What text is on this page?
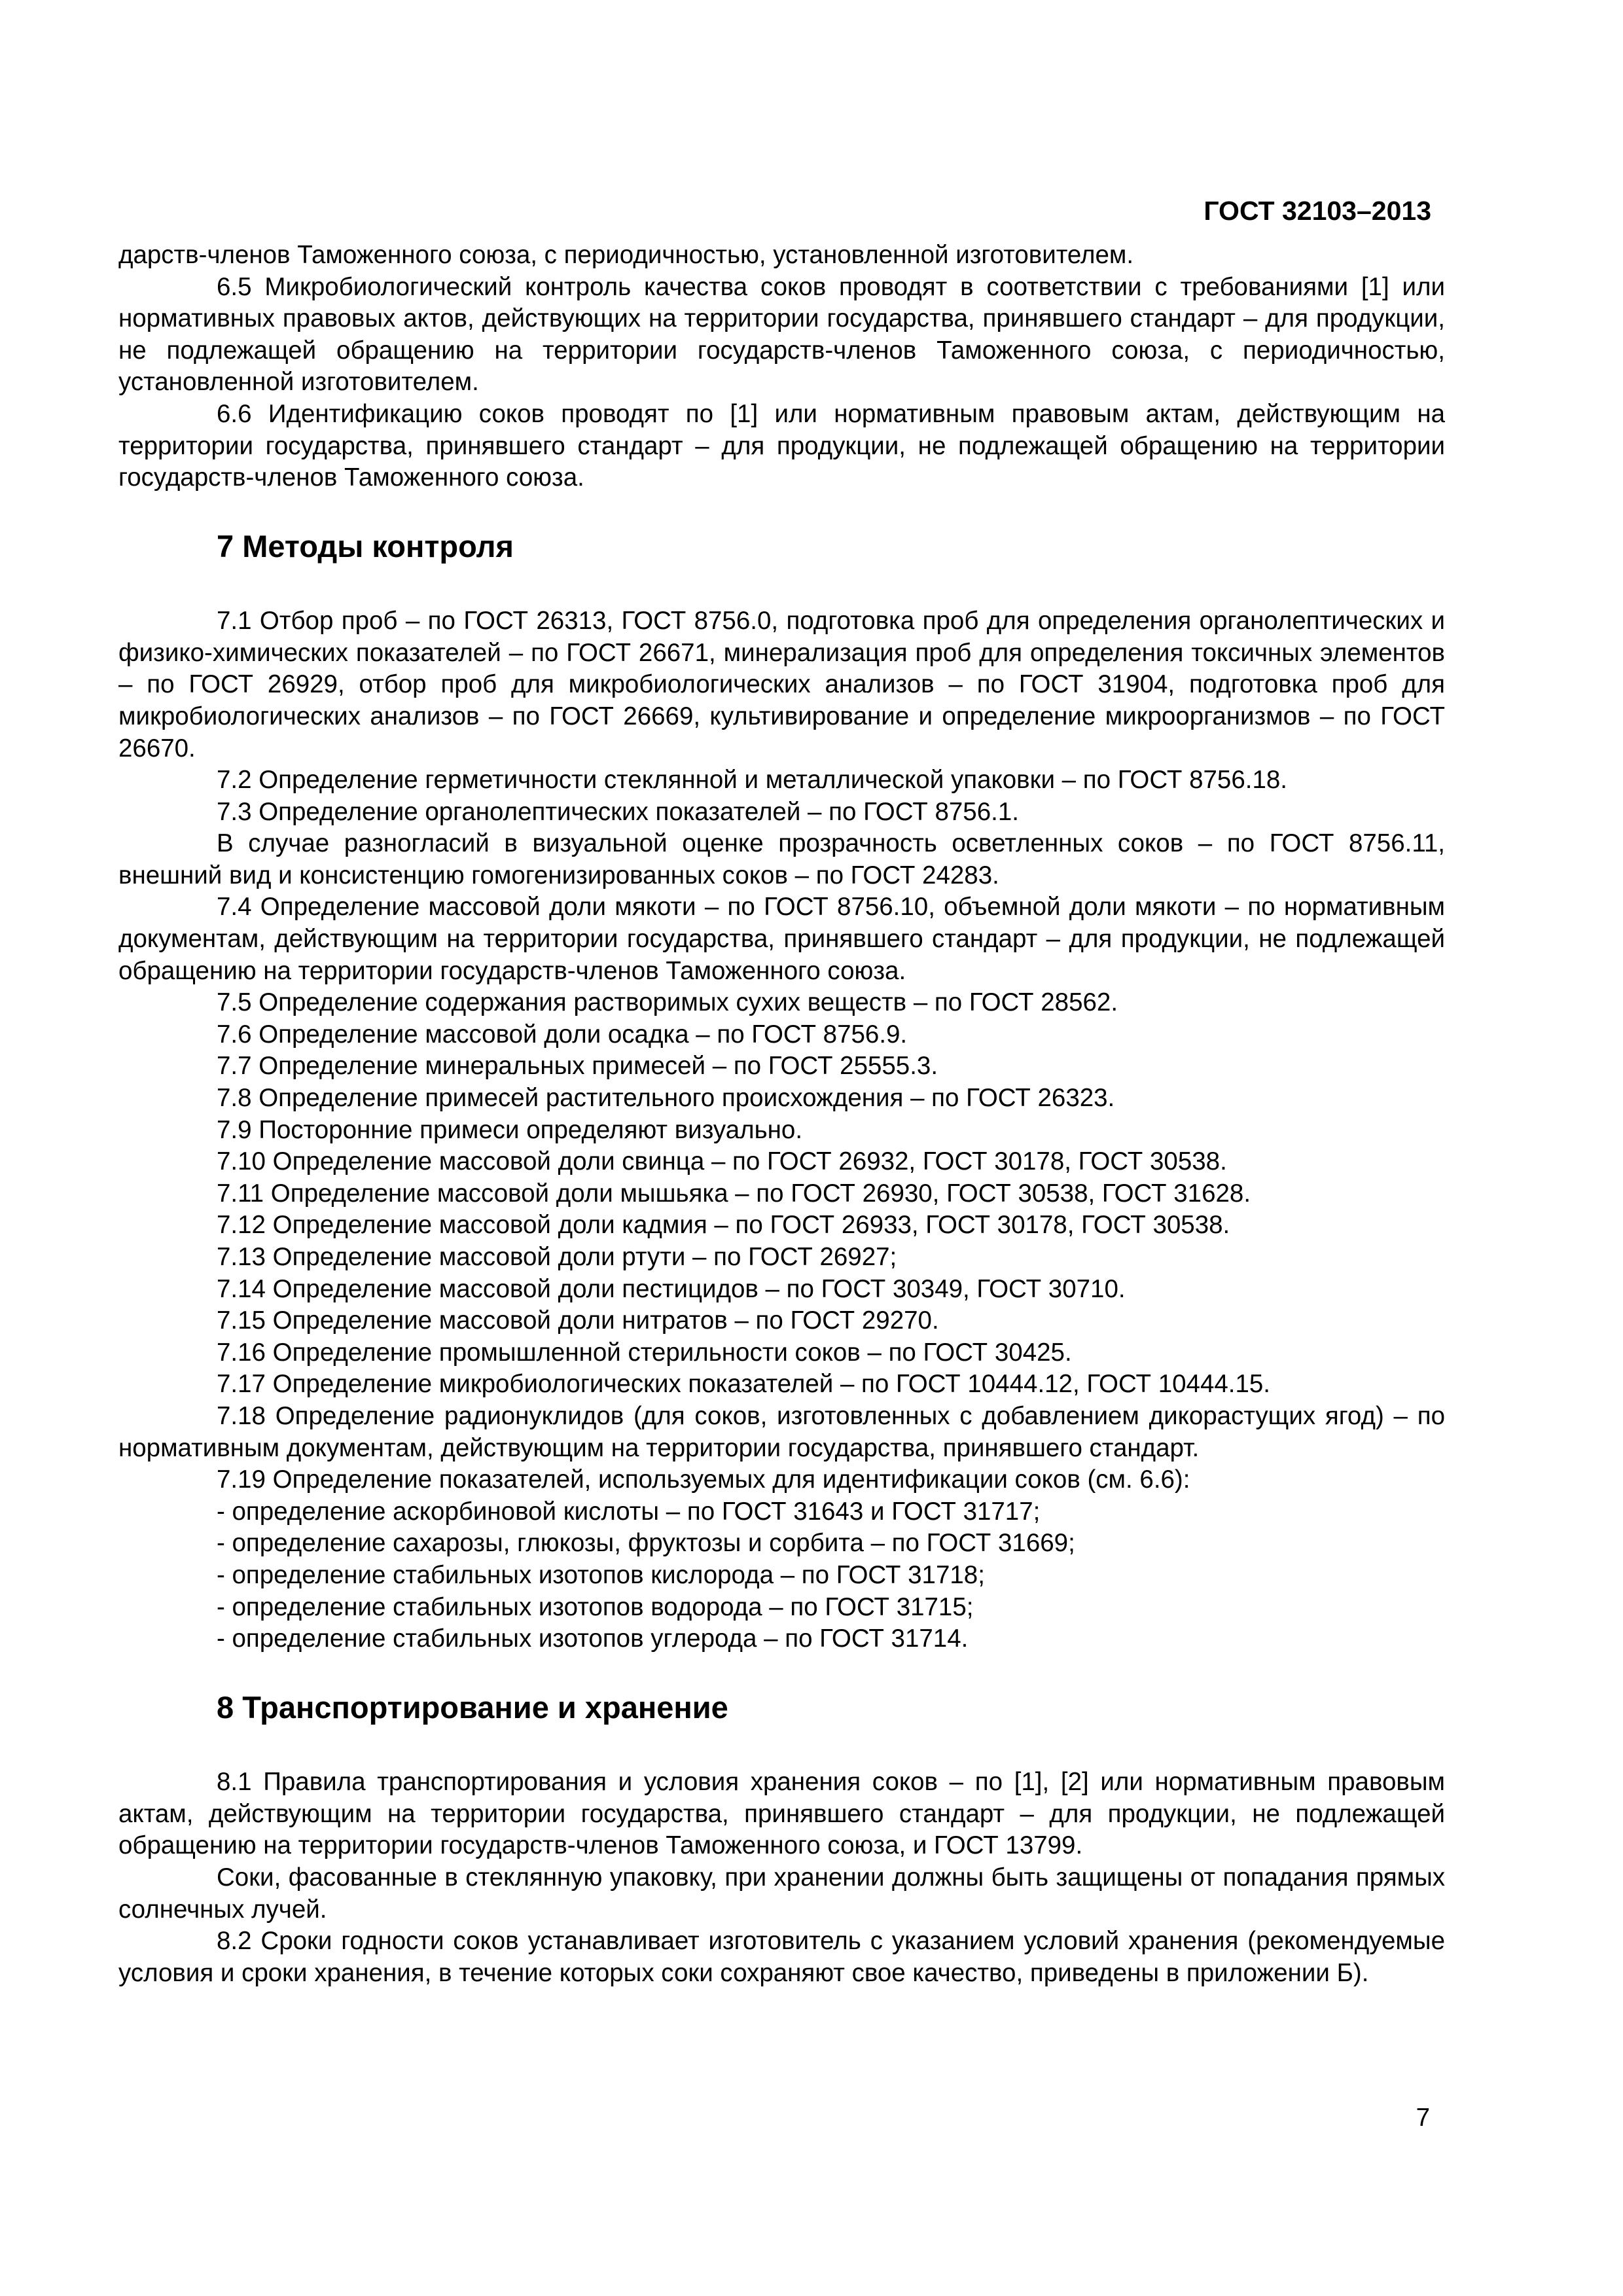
ГОСТ 32103–2013

дарств-членов Таможенного союза, с периодичностью, установленной изготовителем.

6.5 Микробиологический контроль качества соков проводят в соответствии с требованиями [1] или нормативных правовых актов, действующих на территории государства, принявшего стандарт – для продукции, не подлежащей обращению на территории государств-членов Таможенного союза, с периодичностью, установленной изготовителем.

6.6 Идентификацию соков проводят по [1] или нормативным правовым актам, действующим на территории государства, принявшего стандарт – для продукции, не подлежащей обращению на территории государств-членов Таможенного союза.

7 Методы контроля

7.1 Отбор проб – по ГОСТ 26313, ГОСТ 8756.0, подготовка проб для определения органолептических и физико-химических показателей – по ГОСТ 26671, минерализация проб для определения токсичных элементов – по ГОСТ 26929, отбор проб для микробиологических анализов – по ГОСТ 31904, подготовка проб для микробиологических анализов – по ГОСТ 26669, культивирование и определение микроорганизмов – по ГОСТ 26670.

7.2 Определение герметичности стеклянной и металлической упаковки – по ГОСТ 8756.18.

7.3 Определение органолептических показателей – по ГОСТ 8756.1.

В случае разногласий в визуальной оценке прозрачность осветленных соков – по ГОСТ 8756.11, внешний вид и консистенцию гомогенизированных соков – по ГОСТ 24283.

7.4 Определение массовой доли мякоти – по ГОСТ 8756.10, объемной доли мякоти – по нормативным документам, действующим на территории государства, принявшего стандарт – для продукции, не подлежащей обращению на территории государств-членов Таможенного союза.

7.5 Определение содержания растворимых сухих веществ – по ГОСТ 28562.

7.6 Определение массовой доли осадка – по ГОСТ 8756.9.

7.7 Определение минеральных примесей – по ГОСТ 25555.3.

7.8 Определение примесей растительного происхождения – по ГОСТ 26323.

7.9 Посторонние примеси определяют визуально.

7.10 Определение массовой доли свинца – по ГОСТ 26932, ГОСТ 30178, ГОСТ 30538.

7.11 Определение массовой доли мышьяка – по ГОСТ 26930, ГОСТ 30538, ГОСТ 31628.

7.12 Определение массовой доли кадмия – по ГОСТ 26933, ГОСТ 30178, ГОСТ 30538.

7.13 Определение массовой доли ртути – по ГОСТ 26927;

7.14 Определение массовой доли пестицидов – по ГОСТ 30349, ГОСТ 30710.

7.15 Определение массовой доли нитратов – по ГОСТ 29270.

7.16 Определение промышленной стерильности соков – по ГОСТ 30425.

7.17 Определение микробиологических показателей – по ГОСТ 10444.12, ГОСТ 10444.15.

7.18 Определение радионуклидов (для соков, изготовленных с добавлением дикорастущих ягод) – по нормативным документам, действующим на территории государства, принявшего стандарт.

7.19 Определение показателей, используемых для идентификации соков (см. 6.6):

- определение аскорбиновой кислоты – по ГОСТ 31643 и ГОСТ 31717;

- определение сахарозы, глюкозы, фруктозы и сорбита – по ГОСТ 31669;

- определение стабильных изотопов кислорода – по ГОСТ 31718;

- определение стабильных изотопов водорода – по ГОСТ 31715;

- определение стабильных изотопов углерода – по ГОСТ 31714.

8 Транспортирование и хранение

8.1 Правила транспортирования и условия хранения соков – по [1], [2] или нормативным правовым актам, действующим на территории государства, принявшего стандарт – для продукции, не подлежащей обращению на территории государств-членов Таможенного союза, и ГОСТ 13799.

Соки, фасованные в стеклянную упаковку, при хранении должны быть защищены от попадания прямых солнечных лучей.

8.2 Сроки годности соков устанавливает изготовитель с указанием условий хранения (рекомендуемые условия и сроки хранения, в течение которых соки сохраняют свое качество, приведены в приложении Б).

7
